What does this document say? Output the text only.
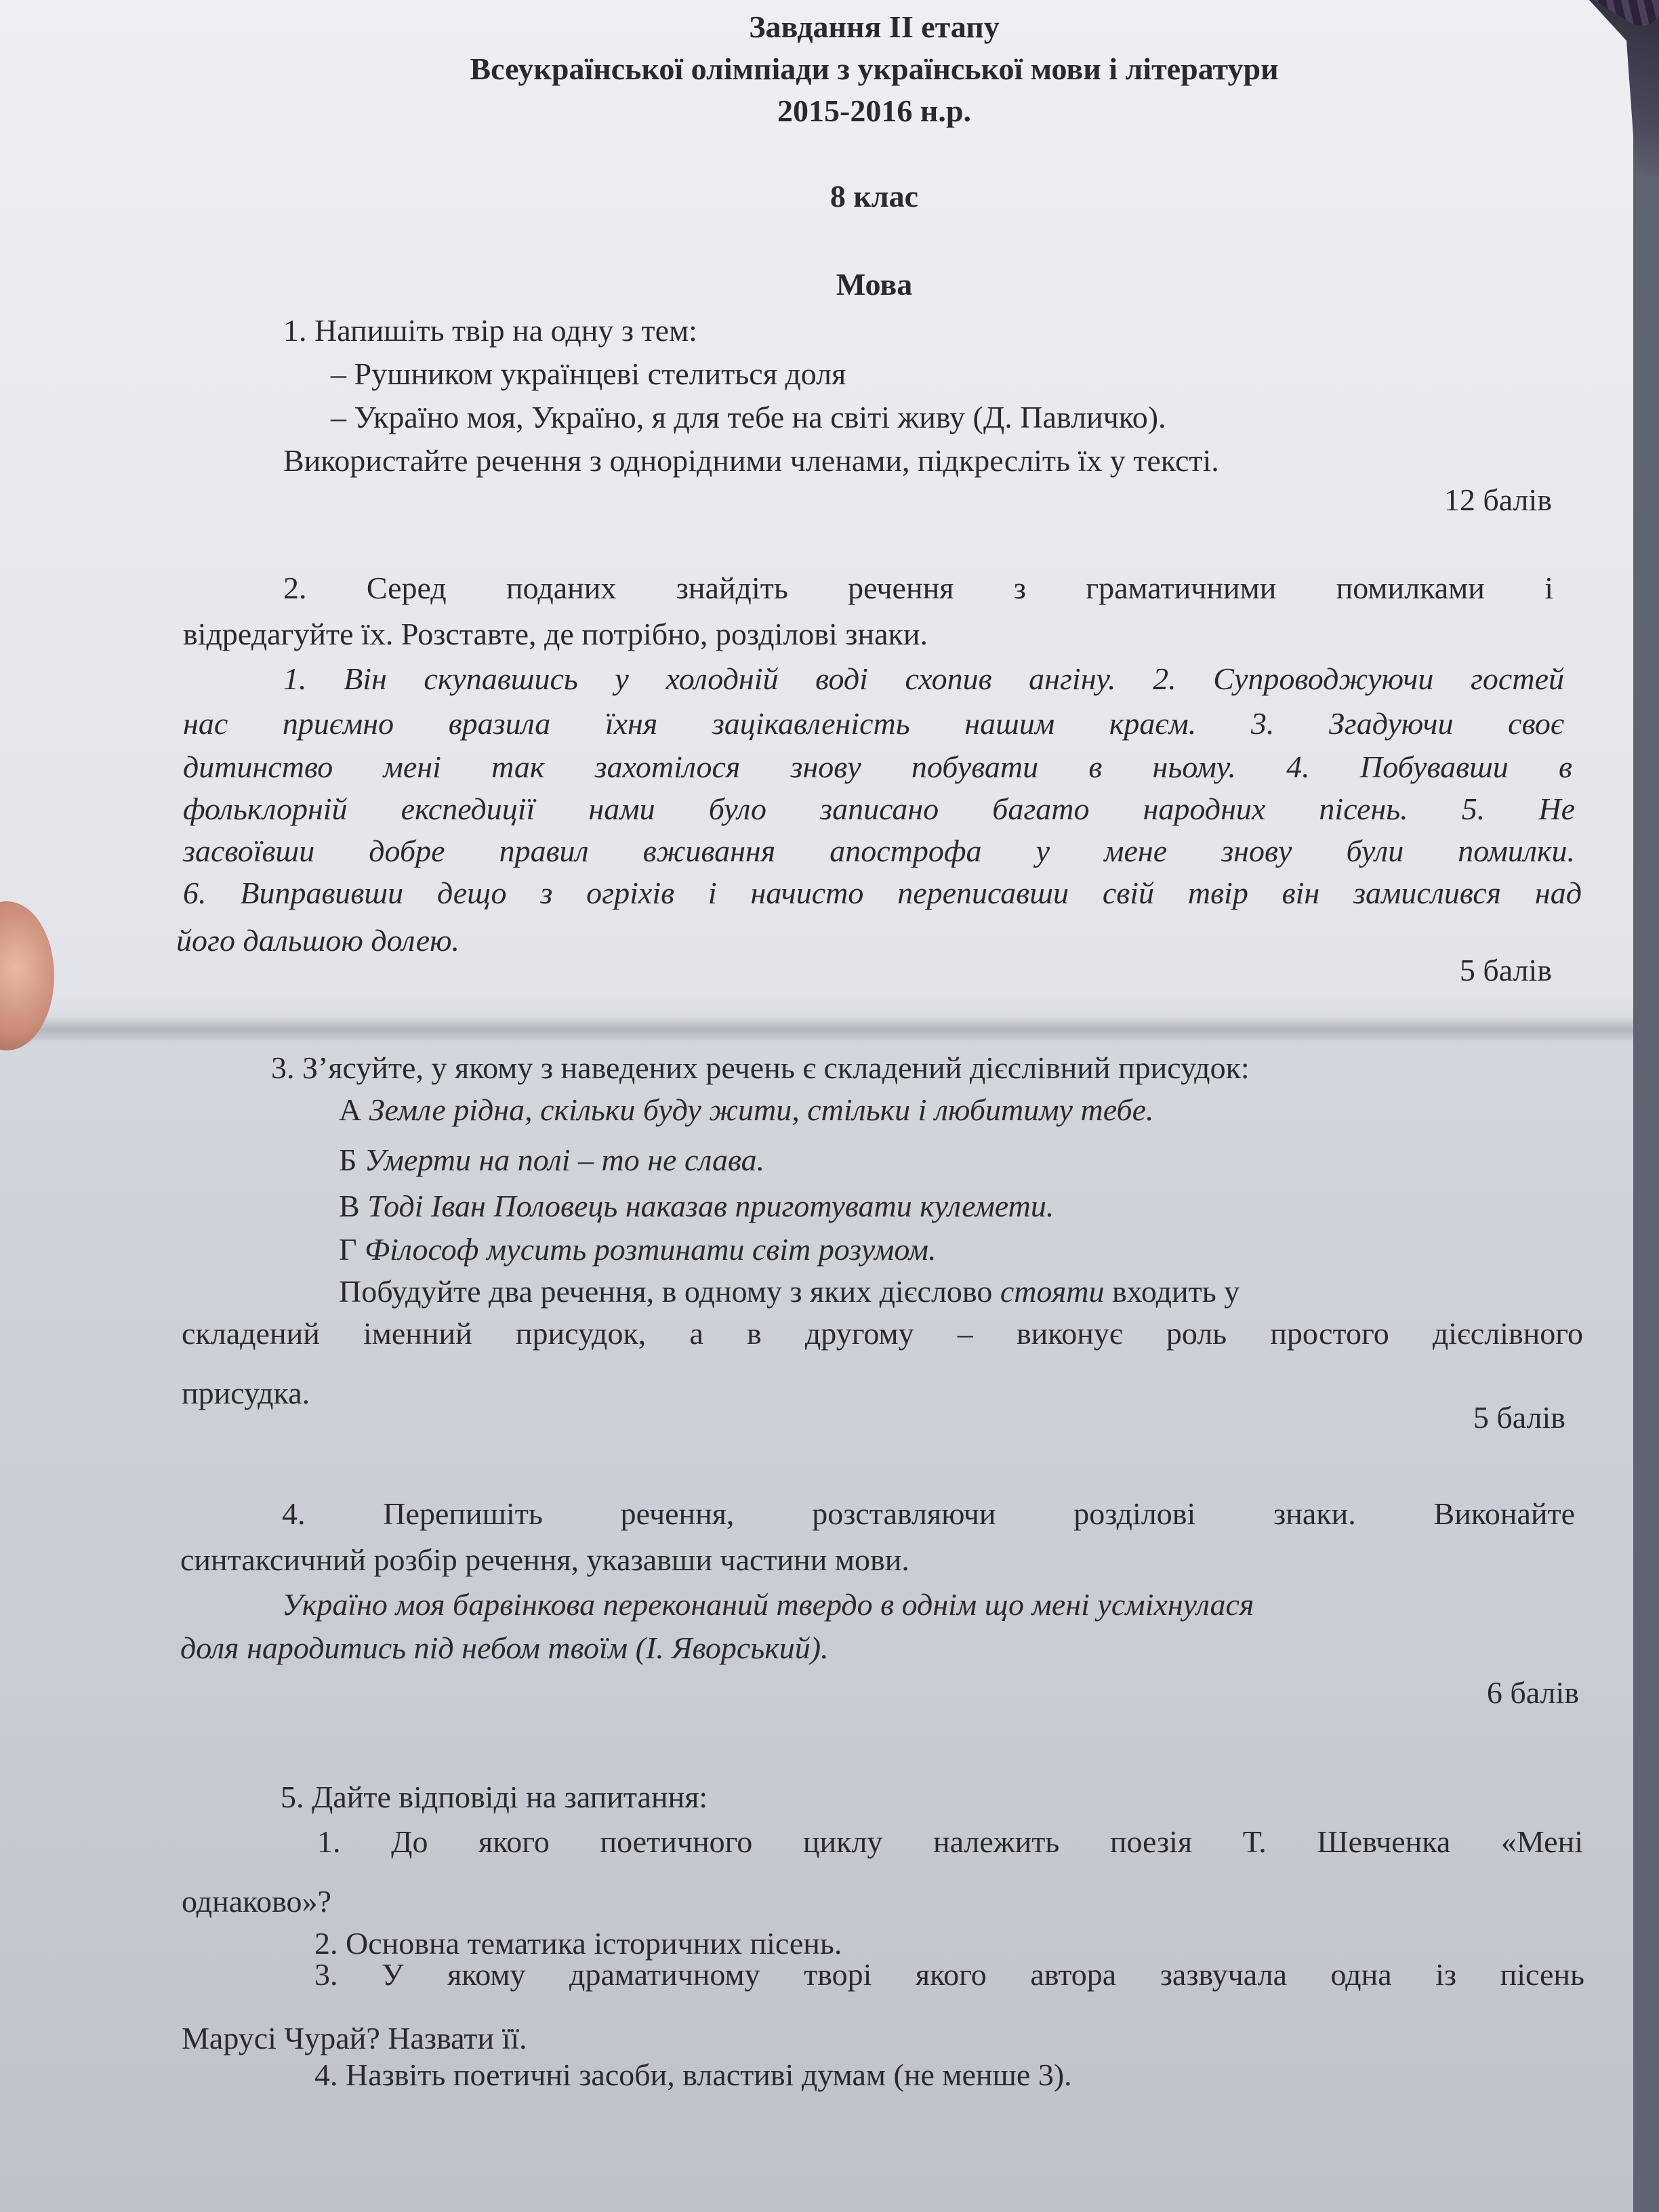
Завдання ІІ етапу
Всеукраїнської олімпіади з української мови і літератури
2015-2016 н.р.
8 клас
Мова
1. Напишіть твір на одну з тем:
– Рушником українцеві стелиться доля
– Україно моя, Україно, я для тебе на світі живу (Д. Павличко).
Використайте речення з однорідними членами, підкресліть їх у тексті.
12 балів
2. Серед поданих знайдіть речення з граматичними помилками і
відредагуйте їх. Розставте, де потрібно, розділові знаки.
1. Він скупавшись у холодній воді схопив ангіну. 2. Супроводжуючи гостей
нас приємно вразила їхня зацікавленість нашим краєм. 3. Згадуючи своє
дитинство мені так захотілося знову побувати в ньому. 4. Побувавши в
фольклорній експедиції нами було записано багато народних пісень. 5. Не
засвоївши добре правил вживання апострофа у мене знову були помилки.
6. Виправивши дещо з огріхів і начисто переписавши свій твір він замислився над
його дальшою долею.
5 балів
3. З’ясуйте, у якому з наведених речень є складений дієслівний присудок:
А Земле рідна, скільки буду жити, стільки і любитиму тебе.
Б Умерти на полі – то не слава.
В Тоді Іван Половець наказав приготувати кулемети.
Г Філософ мусить розтинати світ розумом.
Побудуйте два речення, в одному з яких дієслово стояти входить у
складений іменний присудок, а в другому – виконує роль простого дієслівного
присудка.
5 балів
4. Перепишіть речення, розставляючи розділові знаки. Виконайте
синтаксичний розбір речення, указавши частини мови.
Україно моя барвінкова переконаний твердо в однім що мені усміхнулася
доля народитись під небом твоїм (І. Яворський).
6 балів
5. Дайте відповіді на запитання:
1. До якого поетичного циклу належить поезія Т. Шевченка «Мені
однаково»?
2. Основна тематика історичних пісень.
3. У якому драматичному творі якого автора зазвучала одна із пісень
Марусі Чурай? Назвати її.
4. Назвіть поетичні засоби, властиві думам (не менше 3).
